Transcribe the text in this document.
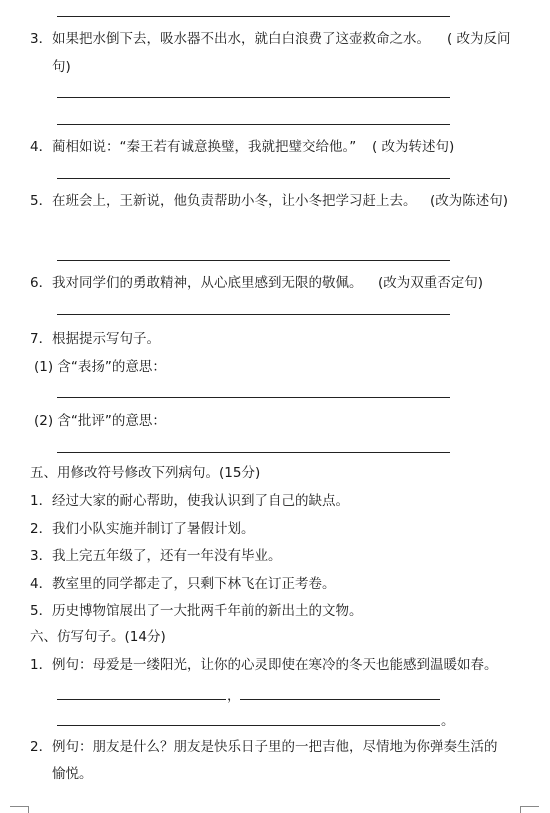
3． 如果把水倒下去，吸水器不出水，就白白浪费了这壶救命之水。 ( 改为反问
句)
4． 蔺相如说：“秦王若有诚意换璧，我就把璧交给他。” ( 改为转述句)
5． 在班会上，王新说，他负责帮助小冬，让小冬把学习赶上去。 (改为陈述句)
6． 我对同学们的勇敢精神，从心底里感到无限的敬佩。 (改为双重否定句)
7． 根据提示写句子。
(1) 含“表扬”的意思：
(2) 含“批评”的意思：
五、用修改符号修改下列病句。(15分)
1． 经过大家的耐心帮助，使我认识到了自己的缺点。
2． 我们小队实施并制订了暑假计划。
3． 我上完五年级了，还有一年没有毕业。
4． 教室里的同学都走了，只剩下林飞在订正考卷。
5． 历史博物馆展出了一大批两千年前的新出土的文物。
六、仿写句子。(14分)
1． 例句：母爱是一缕阳光，让你的心灵即使在寒冷的冬天也能感到温暖如春。
，
。
2． 例句：朋友是什么？朋友是快乐日子里的一把吉他，尽情地为你弹奏生活的
愉悦。
